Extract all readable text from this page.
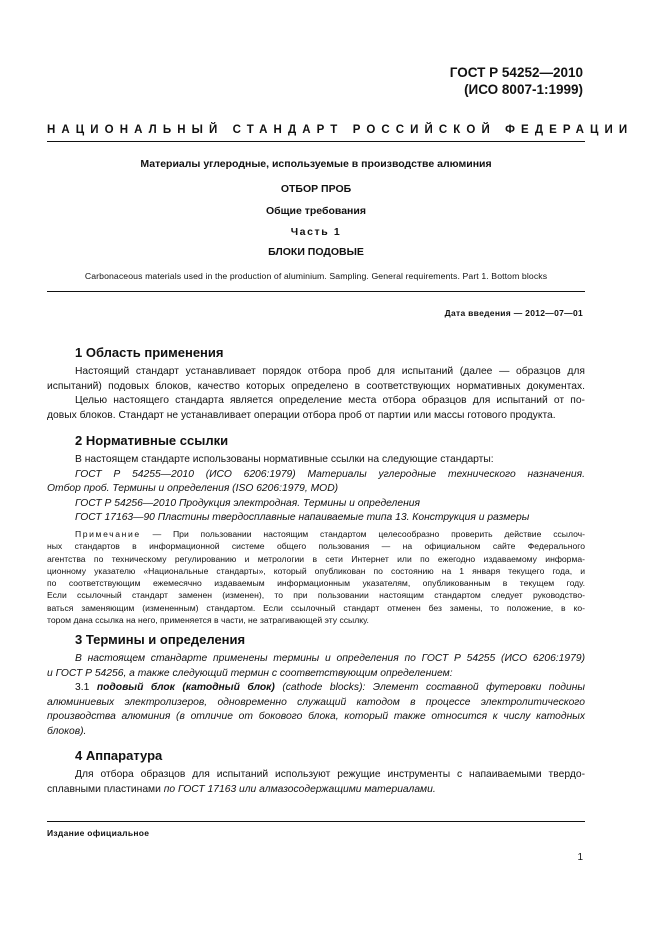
ГОСТ Р 54252—2010
(ИСО 8007-1:1999)
НАЦИОНАЛЬНЫЙ СТАНДАРТ РОССИЙСКОЙ ФЕДЕРАЦИИ
Материалы углеродные, используемые в производстве алюминия
ОТБОР ПРОБ
Общие требования
Часть 1
БЛОКИ ПОДОВЫЕ
Carbonaceous materials used in the production of aluminium. Sampling. General requirements. Part 1. Bottom blocks
Дата введения — 2012—07—01
1 Область применения
Настоящий стандарт устанавливает порядок отбора проб для испытаний (далее — образцов для
испытаний) подовых блоков, качество которых определено в соответствующих нормативных документах.
Целью настоящего стандарта является определение места отбора образцов для испытаний от по-
довых блоков. Стандарт не устанавливает операции отбора проб от партии или массы готового продукта.
2 Нормативные ссылки
В настоящем стандарте использованы нормативные ссылки на следующие стандарты:
ГОСТ Р 54255—2010 (ИСО 6206:1979) Материалы углеродные технического назначения.
Отбор проб. Термины и определения (ISO 6206:1979, MOD)
ГОСТ Р 54256—2010 Продукция электродная. Термины и определения
ГОСТ 17163—90 Пластины твердосплавные напаиваемые типа 13. Конструкция и размеры
Примечание — При пользовании настоящим стандартом целесообразно проверить действие ссылоч-
ных стандартов в информационной системе общего пользования — на официальном сайте Федерального
агентства по техническому регулированию и метрологии в сети Интернет или по ежегодно издаваемому информа-
ционному указателю «Национальные стандарты», который опубликован по состоянию на 1 января текущего года, и
по соответствующим ежемесячно издаваемым информационным указателям, опубликованным в текущем году.
Если ссылочный стандарт заменен (изменен), то при пользовании настоящим стандартом следует руководство-
ваться заменяющим (измененным) стандартом. Если ссылочный стандарт отменен без замены, то положение, в ко-
тором дана ссылка на него, применяется в части, не затрагивающей эту ссылку.
3 Термины и определения
В настоящем стандарте применены термины и определения по ГОСТ Р 54255 (ИСО 6206:1979)
и ГОСТ Р 54256, а также следующий термин с соответствующим определением:
3.1 подовый блок (катодный блок) (cathode blocks): Элемент составной футеровки подины
алюминиевых электролизеров, одновременно служащий катодом в процессе электролитического
производства алюминия (в отличие от бокового блока, который также относится к числу катодных
блоков).
4 Аппаратура
Для отбора образцов для испытаний используют режущие инструменты с напаиваемыми твердо-
сплавными пластинами по ГОСТ 17163 или алмазосодержащими материалами.
Издание официальное
1
